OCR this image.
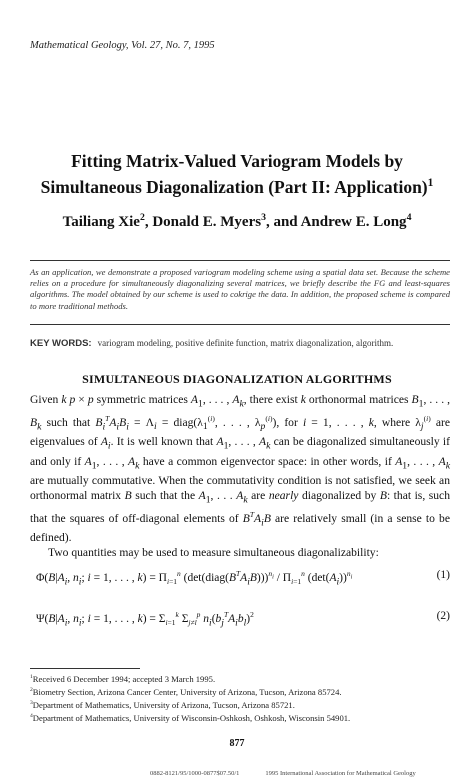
Mathematical Geology, Vol. 27, No. 7, 1995
Fitting Matrix-Valued Variogram Models by
Simultaneous Diagonalization (Part II: Application)$^1$
Tailiang Xie$^2$, Donald E. Myers$^3$, and Andrew E. Long$^4$
As an application, we demonstrate a proposed variogram modeling scheme using a spatial data set. Because the scheme relies on a procedure for simultaneously diagonalizing several matrices, we briefly describe the FG and least-squares algorithms. The model obtained by our scheme is used to cokrige the data. In addition, the proposed scheme is compared to more traditional methods.
KEY WORDS: variogram modeling, positive definite function, matrix diagonalization, algorithm.
SIMULTANEOUS DIAGONALIZATION ALGORITHMS

Given k p × p symmetric matrices $A_1$, . . . , $A_k$, there exist k orthonormal matrices $B_1$, . . . , $B_k$ such that $B_i^TA_iB_i = \Lambda_i$ = $diag(\lambda_1^{(i)}$, . . . , $\lambda_p^{(i)}$), for i = 1, . . . , k, where $\lambda_j^{(i)}$ are eigenvalues of $A_i$. It is well known that $A_1$, . . . , $A_k$ can be diagonalized simultaneously if and only if $A_1$, . . . , $A_k$ have a common eigenvector space: in other words, if $A_1$, . . . , $A_k$ are mutually commutative. When the commutativity condition is not satisfied, we seek an orthonormal matrix B such that the $A_1$, . . . $A_k$ are nearly diagonalized by B: that is, such that the squares of off-diagonal elements of $B^TA_iB$ are relatively small (in a sense to be defined).

Two quantities may be used to measure simultaneous diagonalizability:

$\Phi(B|A_i$, $n_i$; i = 1, . . . , $k) = \Pi_{i=1}^n$ $(\det(diag(B^TA_iB)))^{n_i} / \Pi_{i=1}^n$ $(\det(A_i))^{n_i}$	(1)
$\Psi(B|A_i$, $n_i$; i = 1, . . . , $k) = \Sigma_{i=1}^k$ $\Sigma_{j\ne l}^p$ $n_i(b_j^TA_ib_l)^2$	(2)
$^1$Received 6 December 1994; accepted 3 March 1995.
$^2$Biometry Section, Arizona Cancer Center, University of Arizona, Tucson, Arizona 85724.
$^3$Department of Mathematics, University of Arizona, Tucson, Arizona 85721.
$^4$Department of Mathematics, University of Wisconsin-Oshkosh, Oshkosh, Wisconsin 54901.
877
0882-8121/95/1000-0877$07.50/1	1995 International Association for Mathematical Geology
